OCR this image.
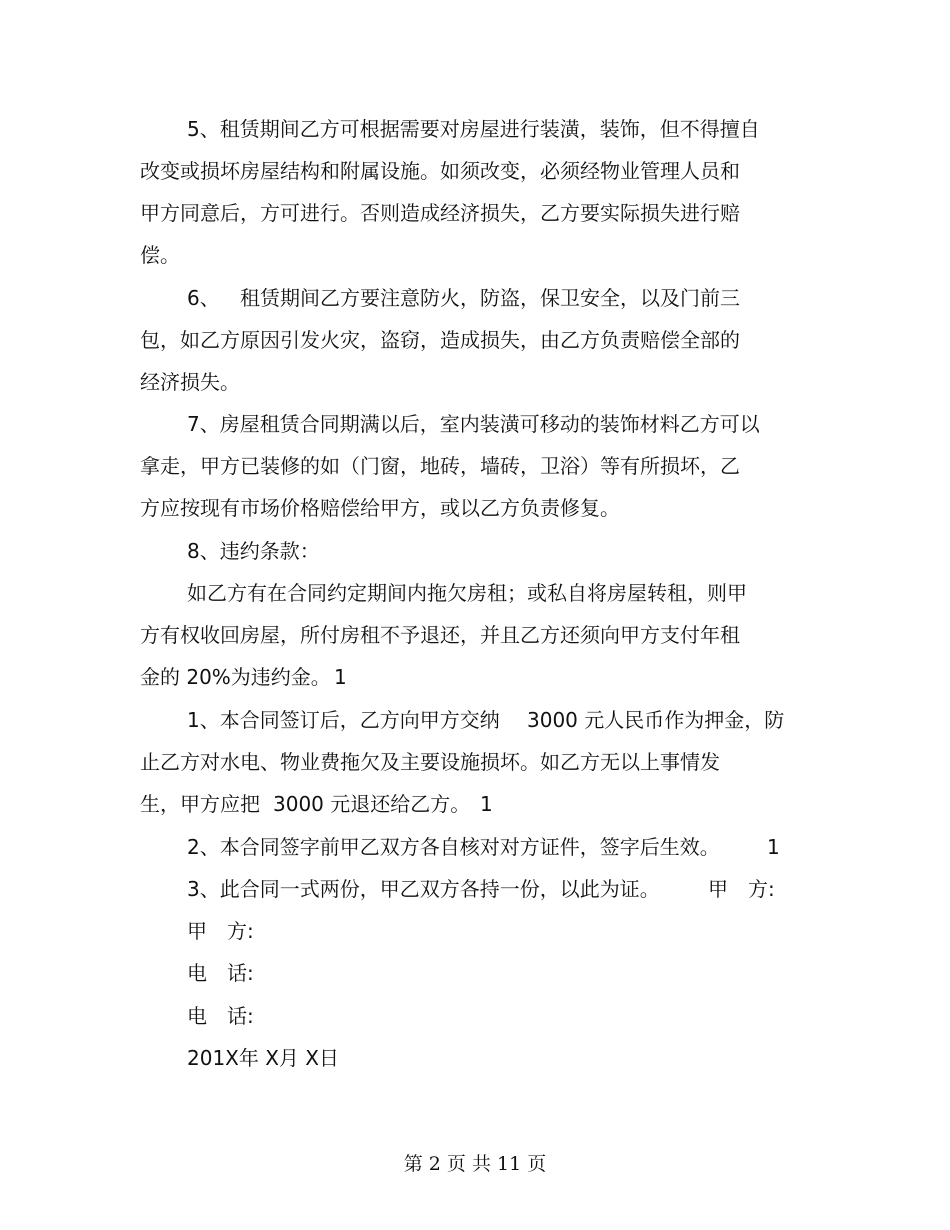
5、租赁期间乙方可根据需要对房屋进行装潢，装饰，但不得擅自
改变或损坏房屋结构和附属设施。如须改变，必须经物业管理人员和
甲方同意后，方可进行。否则造成经济损失，乙方要实际损失进行赔
偿。
6、 租赁期间乙方要注意防火，防盗，保卫安全，以及门前三
包，如乙方原因引发火灾，盗窃，造成损失，由乙方负责赔偿全部的
经济损失。
7、房屋租赁合同期满以后，室内装潢可移动的装饰材料乙方可以
拿走，甲方已装修的如（门窗，地砖，墙砖，卫浴）等有所损坏，乙
方应按现有市场价格赔偿给甲方，或以乙方负责修复。
8、违约条款：
如乙方有在合同约定期间内拖欠房租；或私自将房屋转租，则甲
方有权收回房屋，所付房租不予退还，并且乙方还须向甲方支付年租
金的 20%为违约金。 1
1、本合同签订后，乙方向甲方交纳 3000 元人民币作为押金，防
止乙方对水电、物业费拖欠及主要设施损坏。如乙方无以上事情发
生，甲方应把 3000 元退还给乙方。 1
2、本合同签字前甲乙双方各自核对对方证件，签字后生效。 1
3、此合同一式两份，甲乙双方各持一份，以此为证。 甲　方:
甲　方:
电　话:
电　话:
201X年 X月 X日
第 2 页 共 11 页
